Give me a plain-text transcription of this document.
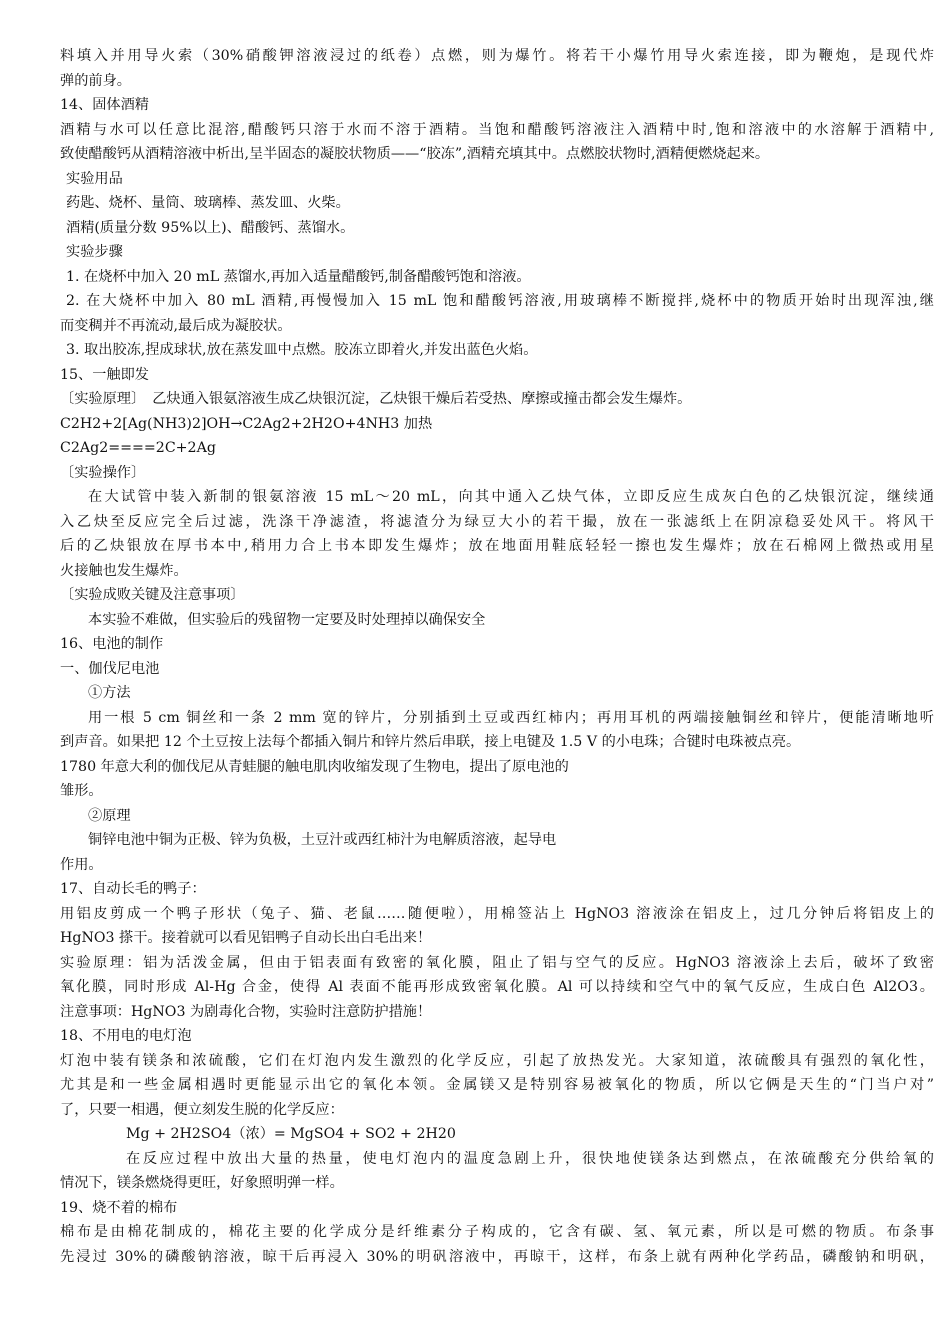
料填入并用导火索（30%硝酸钾溶液浸过的纸卷）点燃，则为爆竹。将若干小爆竹用导火索连接，即为鞭炮，是现代炸
弹的前身。
14、固体酒精
酒精与水可以任意比混溶,醋酸钙只溶于水而不溶于酒精。当饱和醋酸钙溶液注入酒精中时,饱和溶液中的水溶解于酒精中,
致使醋酸钙从酒精溶液中析出,呈半固态的凝胶状物质——“胶冻”,酒精充填其中。点燃胶状物时,酒精便燃烧起来。
实验用品
药匙、烧杯、量筒、玻璃棒、蒸发皿、火柴。
酒精(质量分数 95%以上)、醋酸钙、蒸馏水。
实验步骤
1. 在烧杯中加入 20 mL 蒸馏水,再加入适量醋酸钙,制备醋酸钙饱和溶液。
2. 在大烧杯中加入 80 mL 酒精,再慢慢加入 15 mL 饱和醋酸钙溶液,用玻璃棒不断搅拌,烧杯中的物质开始时出现浑浊,继
而变稠并不再流动,最后成为凝胶状。
3. 取出胶冻,捏成球状,放在蒸发皿中点燃。胶冻立即着火,并发出蓝色火焰。
15、一触即发
〔实验原理〕　乙炔通入银氨溶液生成乙炔银沉淀，乙炔银干燥后若受热、摩擦或撞击都会发生爆炸。
C2H2+2[Ag(NH3)2]OH→C2Ag2+2H2O+4NH3 加热
C2Ag2====2C+2Ag
〔实验操作〕
在大试管中装入新制的银氨溶液 15 mL～20 mL，向其中通入乙炔气体，立即反应生成灰白色的乙炔银沉淀，继续通
入乙炔至反应完全后过滤，洗涤干净滤渣，将滤渣分为绿豆大小的若干撮，放在一张滤纸上在阴凉稳妥处风干。将风干
后的乙炔银放在厚书本中,稍用力合上书本即发生爆炸；放在地面用鞋底轻轻一擦也发生爆炸；放在石棉网上微热或用星
火接触也发生爆炸。
〔实验成败关键及注意事项〕
本实验不难做，但实验后的残留物一定要及时处理掉以确保安全
16、电池的制作
一、伽伐尼电池
①方法
用一根 5 cm 铜丝和一条 2 mm 宽的锌片，分别插到土豆或西红柿内；再用耳机的两端接触铜丝和锌片，便能清晰地听
到声音。如果把 12 个土豆按上法每个都插入铜片和锌片然后串联，接上电键及 1.5 V 的小电珠；合键时电珠被点亮。
1780 年意大利的伽伐尼从青蛙腿的触电肌肉收缩发现了生物电，提出了原电池的
雏形。
②原理
铜锌电池中铜为正极、锌为负极，土豆汁或西红柿汁为电解质溶液，起导电
作用。
17、自动长毛的鸭子：
用铝皮剪成一个鸭子形状（兔子、猫、老鼠……随便啦），用棉签沾上 HgNO3 溶液涂在铝皮上，过几分钟后将铝皮上的
HgNO3 搽干。接着就可以看见铝鸭子自动长出白毛出来！
实验原理：铝为活泼金属，但由于铝表面有致密的氧化膜，阻止了铝与空气的反应。HgNO3 溶液涂上去后，破坏了致密
氧化膜，同时形成 Al-Hg 合金，使得 Al 表面不能再形成致密氧化膜。Al 可以持续和空气中的氧气反应，生成白色 Al2O3。
注意事项：HgNO3 为剧毒化合物，实验时注意防护措施！
18、不用电的电灯泡
灯泡中装有镁条和浓硫酸，它们在灯泡内发生激烈的化学反应，引起了放热发光。大家知道，浓硫酸具有强烈的氧化性，
尤其是和一些金属相遇时更能显示出它的氧化本领。金属镁又是特别容易被氧化的物质，所以它俩是天生的“门当户对”
了，只要一相遇，便立刻发生脱的化学反应：
Mg + 2H2SO4（浓）= MgSO4 + SO2 + 2H20
在反应过程中放出大量的热量，使电灯泡内的温度急剧上升，很快地使镁条达到燃点，在浓硫酸充分供给氧的
情况下，镁条燃烧得更旺，好象照明弹一样。
19、烧不着的棉布
棉布是由棉花制成的，棉花主要的化学成分是纤维素分子构成的，它含有碳、氢、氧元素，所以是可燃的物质。布条事
先浸过 30%的磷酸钠溶液，晾干后再浸入 30%的明矾溶液中，再晾干，这样，布条上就有两种化学药品，磷酸钠和明矾，
